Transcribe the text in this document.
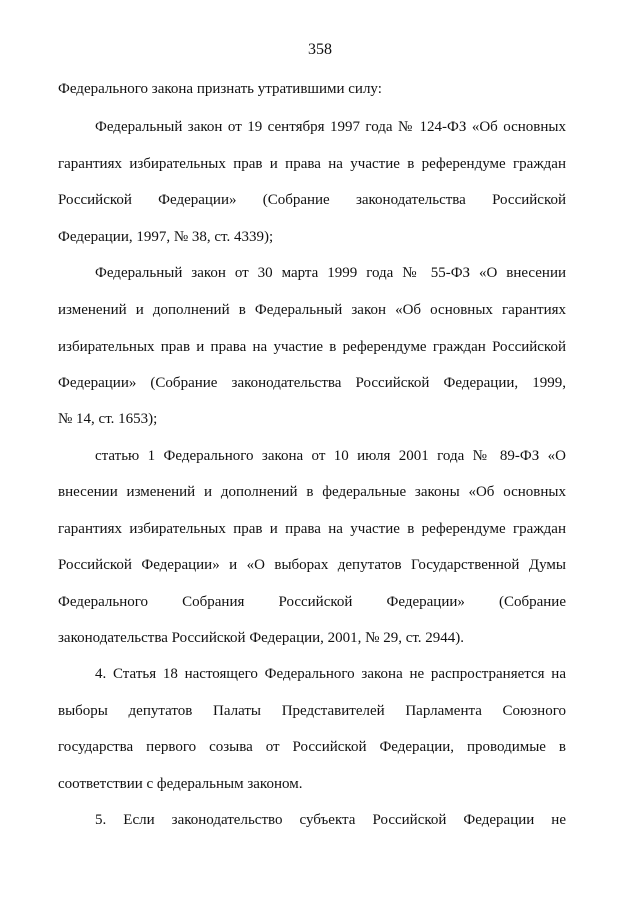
358
Федерального закона признать утратившими силу:
Федеральный закон от 19 сентября 1997 года № 124-ФЗ «Об основных
гарантиях избирательных прав и права на участие в референдуме граждан
Российской Федерации» (Собрание законодательства Российской
Федерации, 1997, № 38, ст. 4339);
Федеральный закон от 30 марта 1999 года № 55-ФЗ «О внесении
изменений и дополнений в Федеральный закон «Об основных гарантиях
избирательных прав и права на участие в референдуме граждан Российской
Федерации» (Собрание законодательства Российской Федерации, 1999,
№ 14, ст. 1653);
статью 1 Федерального закона от 10 июля 2001 года № 89-ФЗ «О
внесении изменений и дополнений в федеральные законы «Об основных
гарантиях избирательных прав и права на участие в референдуме граждан
Российской Федерации» и «О выборах депутатов Государственной Думы
Федерального Собрания Российской Федерации» (Собрание
законодательства Российской Федерации, 2001, № 29, ст. 2944).
4. Статья 18 настоящего Федерального закона не распространяется на
выборы депутатов Палаты Представителей Парламента Союзного
государства первого созыва от Российской Федерации, проводимые в
соответствии с федеральным законом.
5. Если законодательство субъекта Российской Федерации не
